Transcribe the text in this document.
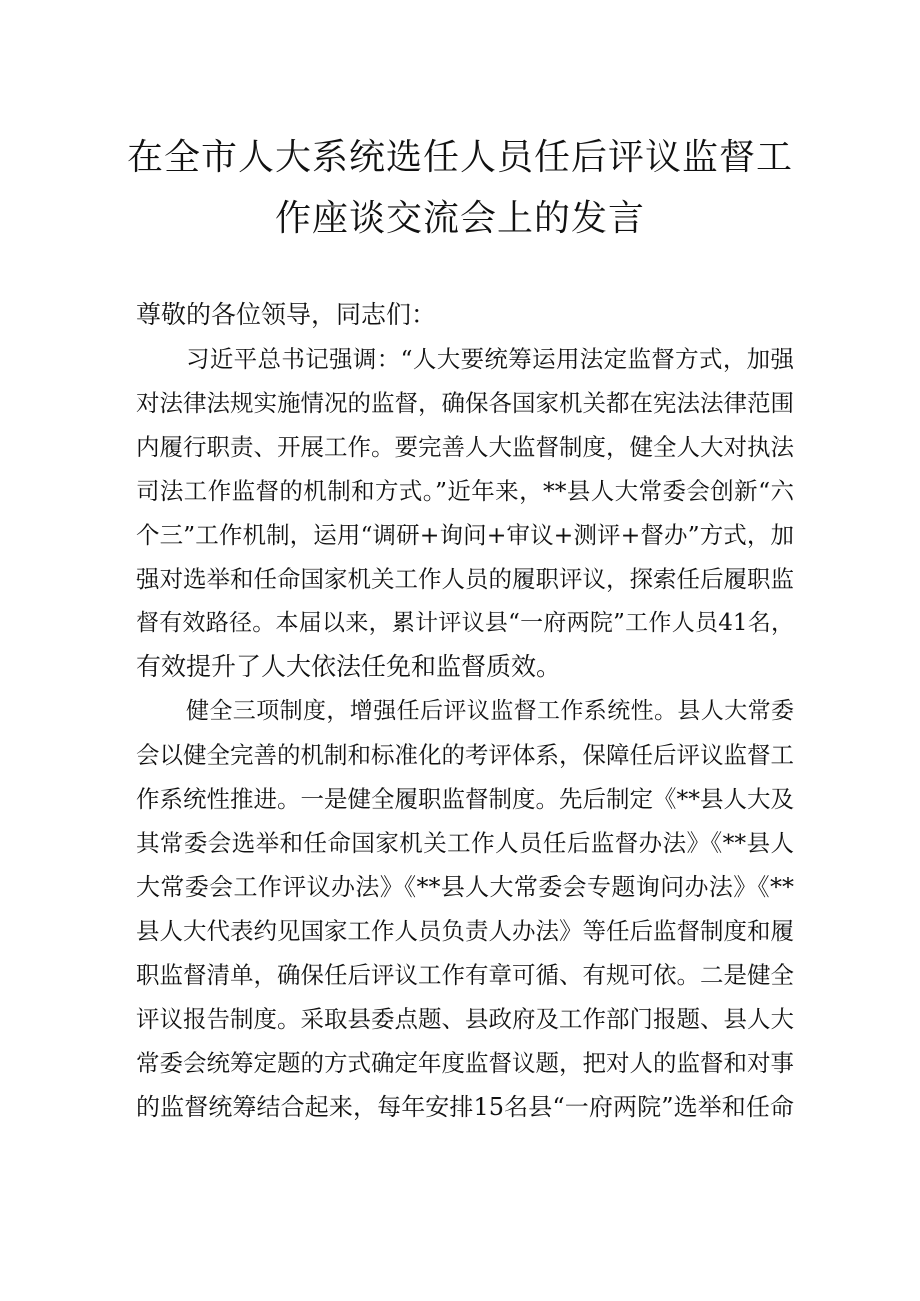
在全市人大系统选任人员任后评议监督工
作座谈交流会上的发言
尊敬的各位领导，同志们：
习近平总书记强调：“人大要统筹运用法定监督方式，加强
对法律法规实施情况的监督，确保各国家机关都在宪法法律范围
内履行职责、开展工作。要完善人大监督制度，健全人大对执法
司法工作监督的机制和方式。”近年来，**县人大常委会创新“六
个三”工作机制，运用“调研+询问+审议+测评+督办”方式，加
强对选举和任命国家机关工作人员的履职评议，探索任后履职监
督有效路径。本届以来，累计评议县“一府两院”工作人员41名，
有效提升了人大依法任免和监督质效。
健全三项制度，增强任后评议监督工作系统性。县人大常委
会以健全完善的机制和标准化的考评体系，保障任后评议监督工
作系统性推进。一是健全履职监督制度。先后制定《**县人大及
其常委会选举和任命国家机关工作人员任后监督办法》《**县人
大常委会工作评议办法》《**县人大常委会专题询问办法》《**
县人大代表约见国家工作人员负责人办法》等任后监督制度和履
职监督清单，确保任后评议工作有章可循、有规可依。二是健全
评议报告制度。采取县委点题、县政府及工作部门报题、县人大
常委会统筹定题的方式确定年度监督议题，把对人的监督和对事
的监督统筹结合起来，每年安排15名县“一府两院”选举和任命
